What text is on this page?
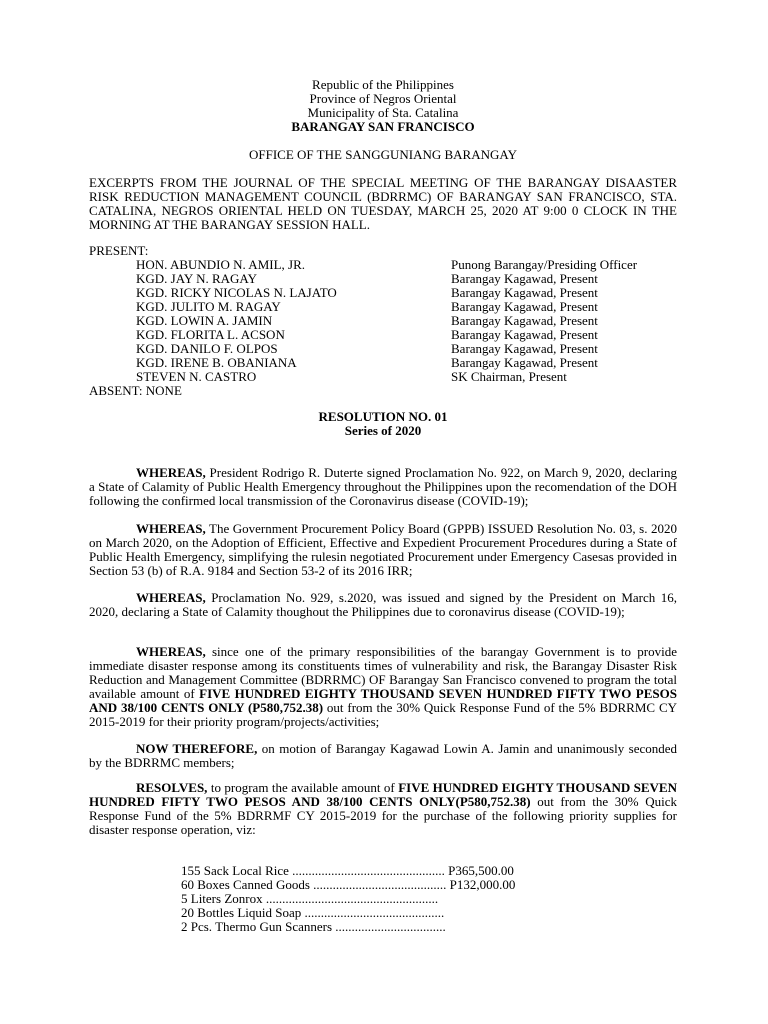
Republic of the Philippines
Province of Negros Oriental
Municipality of Sta. Catalina
BARANGAY SAN FRANCISCO
OFFICE OF THE SANGGUNIANG BARANGAY
EXCERPTS FROM THE JOURNAL OF THE SPECIAL MEETING OF THE BARANGAY DISAASTER RISK REDUCTION MANAGEMENT COUNCIL (BDRRMC) OF BARANGAY SAN FRANCISCO, STA. CATALINA, NEGROS ORIENTAL HELD ON TUESDAY, MARCH 25, 2020 AT 9:00 0 CLOCK IN THE MORNING AT THE BARANGAY SESSION HALL.
PRESENT:
HON. ABUNDIO N. AMIL, JR.	Punong Barangay/Presiding Officer
KGD. JAY N. RAGAY	Barangay Kagawad, Present
KGD. RICKY NICOLAS N. LAJATO	Barangay Kagawad, Present
KGD. JULITO M. RAGAY	Barangay Kagawad, Present
KGD. LOWIN A. JAMIN	Barangay Kagawad, Present
KGD. FLORITA L. ACSON	Barangay Kagawad, Present
KGD. DANILO F. OLPOS	Barangay Kagawad, Present
KGD. IRENE B. OBANIANA	Barangay Kagawad, Present
STEVEN N. CASTRO	SK Chairman, Present
ABSENT: NONE
RESOLUTION NO. 01
Series of 2020
WHEREAS, President Rodrigo R. Duterte signed Proclamation No. 922, on March 9, 2020, declaring a State of Calamity of Public Health Emergency throughout the Philippines upon the recomendation of the DOH following the confirmed local transmission of the Coronavirus disease (COVID-19);
WHEREAS, The Government Procurement Policy Board (GPPB) ISSUED Resolution No. 03, s. 2020 on March 2020, on the Adoption of Efficient, Effective and Expedient Procurement Procedures during a State of Public Health Emergency, simplifying the rulesin negotiated Procurement under Emergency Casesas provided in Section 53 (b) of R.A. 9184 and Section 53-2 of its 2016 IRR;
WHEREAS, Proclamation No. 929, s.2020, was issued and signed by the President on March 16, 2020, declaring a State of Calamity thoughout the Philippines due to coronavirus disease (COVID-19);
WHEREAS, since one of the primary responsibilities of the barangay Government is to provide immediate disaster response among its constituents times of vulnerability and risk, the Barangay Disaster Risk Reduction and Management Committee (BDRRMC) OF Barangay San Francisco convened to program the total available amount of FIVE HUNDRED EIGHTY THOUSAND SEVEN HUNDRED FIFTY TWO PESOS AND 38/100 CENTS ONLY (P580,752.38) out from the 30% Quick Response Fund of the 5% BDRRMC CY 2015-2019 for their priority program/projects/activities;
NOW THEREFORE, on motion of Barangay Kagawad Lowin A. Jamin and unanimously seconded by the BDRRMC members;
RESOLVES, to program the available amount of FIVE HUNDRED EIGHTY THOUSAND SEVEN HUNDRED FIFTY TWO PESOS AND 38/100 CENTS ONLY(P580,752.38) out from the 30% Quick Response Fund of the 5% BDRRMF CY 2015-2019 for the purchase of the following priority supplies for disaster response operation, viz:
155 Sack Local Rice ............................................... P365,500.00
60 Boxes Canned Goods ......................................... P132,000.00
5 Liters Zonrox .....................................................
20 Bottles Liquid Soap ...........................................
2 Pcs. Thermo Gun Scanners ..................................
